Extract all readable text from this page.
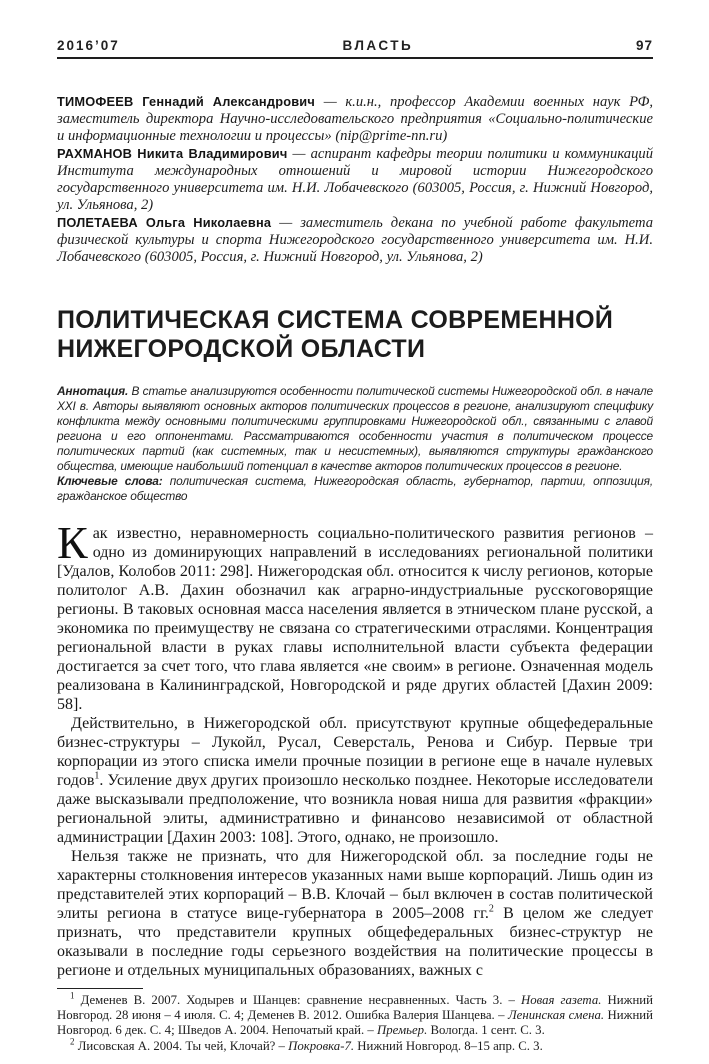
2016’07	ВЛАСТЬ	97

ТИМОФЕЕВ Геннадий Александрович — к.и.н., профессор Академии военных наук РФ, заместитель директора Научно-исследовательского предприятия «Социально-политические и информационные технологии и процессы» (nip@prime-nn.ru)

РАХМАНОВ Никита Владимирович — аспирант кафедры теории политики и коммуникаций Института международных отношений и мировой истории Нижегородского государственного университета им. Н.И. Лобачевского (603005, Россия, г. Нижний Новгород, ул. Ульянова, 2)

ПОЛЕТАЕВА Ольга Николаевна — заместитель декана по учебной работе факультета физической культуры и спорта Нижегородского государственного университета им. Н.И. Лобачевского (603005, Россия, г. Нижний Новгород, ул. Ульянова, 2)

ПОЛИТИЧЕСКАЯ СИСТЕМА СОВРЕМЕННОЙ
НИЖЕГОРОДСКОЙ ОБЛАСТИ

Аннотация. В статье анализируются особенности политической системы Нижегородской обл. в начале XXI в. Авторы выявляют основных акторов политических процессов в регионе, анализируют специфику конфликта между основными политическими группировками Нижегородской обл., связанными с главой региона и его оппонентами. Рассматриваются особенности участия в политическом процессе политических партий (как системных, так и несистемных), выявляются структуры гражданского общества, имеющие наибольший потенциал в качестве акторов политических процессов в регионе.

Ключевые слова: политическая система, Нижегородская область, губернатор, партии, оппозиция, гражданское общество

Как известно, неравномерность социально-политического развития регионов – одно из доминирующих направлений в исследованиях региональной политики [Удалов, Колобов 2011: 298]. Нижегородская обл. относится к числу регионов, которые политолог А.В. Дахин обозначил как аграрно-индустриальные русскоговорящие регионы. В таковых основная масса населения является в этническом плане русской, а экономика по преимуществу не связана со стратегическими отраслями. Концентрация региональной власти в руках главы исполнительной власти субъекта федерации достигается за счет того, что глава является «не своим» в регионе. Означенная модель реализована в Калининградской, Новгородской и ряде других областей [Дахин 2009: 58].

Действительно, в Нижегородской обл. присутствуют крупные общефедеральные бизнес-структуры – Лукойл, Русал, Северсталь, Ренова и Сибур. Первые три корпорации из этого списка имели прочные позиции в регионе еще в начале нулевых годов$^1$. Усиление двух других произошло несколько позднее. Некоторые исследователи даже высказывали предположение, что возникла новая ниша для развития «фракции» региональной элиты, административно и финансово независимой от областной администрации [Дахин 2003: 108]. Этого, однако, не произошло.

Нельзя также не признать, что для Нижегородской обл. за последние годы не характерны столкновения интересов указанных нами выше корпораций. Лишь один из представителей этих корпораций – В.В. Клочай – был включен в состав политической элиты региона в статусе вице-губернатора в 2005–2008 гг.$^2$ В целом же следует признать, что представители крупных общефедеральных бизнес-структур не оказывали в последние годы серьезного воздействия на политические процессы в регионе и отдельных муниципальных образованиях, важных с

$^1$ Деменев В. 2007. Ходырев и Шанцев: сравнение несравненных. Часть 3. – Новая газета. Нижний Новгород. 28 июня – 4 июля. С. 4; Деменев В. 2012. Ошибка Валерия Шанцева. – Ленинская смена. Нижний Новгород. 6 дек. С. 4; Шведов А. 2004. Непочатый край. – Премьер. Вологда. 1 сент. С. 3.

$^2$ Лисовская А. 2004. Ты чей, Клочай? – Покровка-7. Нижний Новгород. 8–15 апр. С. 3.
